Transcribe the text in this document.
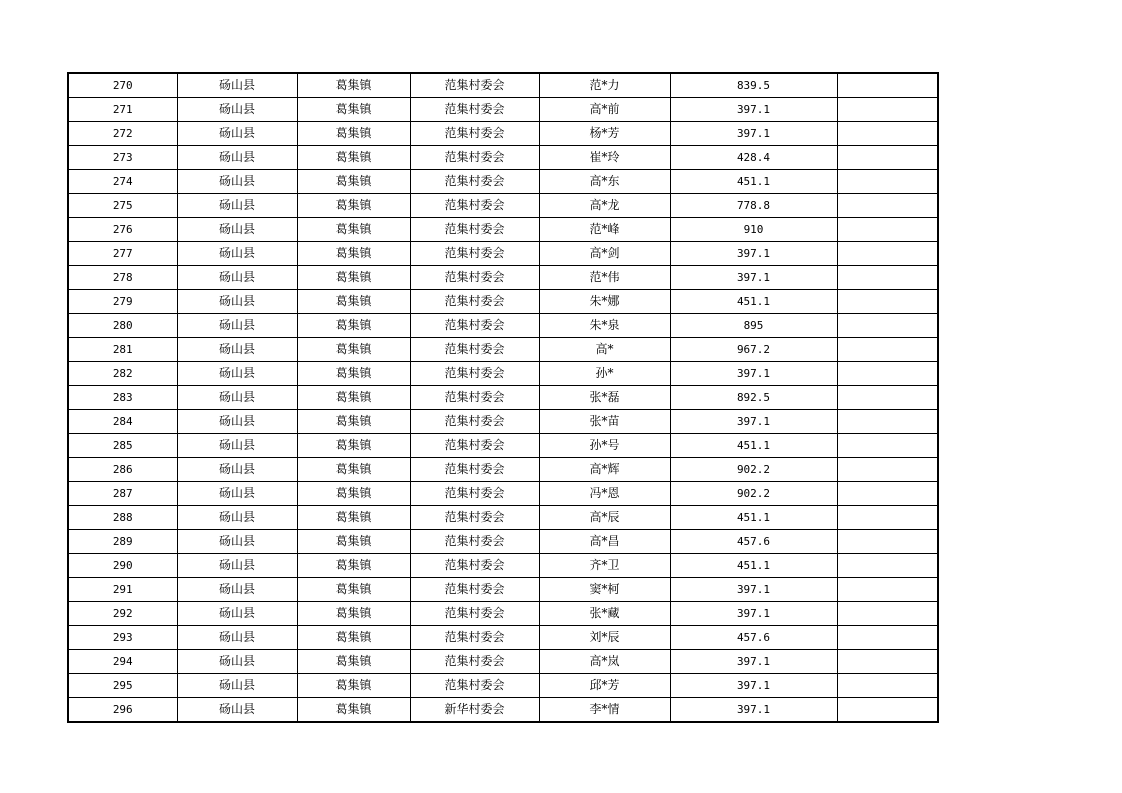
270	砀山县	葛集镇	范集村委会	范*力	839.5	
271	砀山县	葛集镇	范集村委会	高*前	397.1	
272	砀山县	葛集镇	范集村委会	杨*芳	397.1	
273	砀山县	葛集镇	范集村委会	崔*玲	428.4	
274	砀山县	葛集镇	范集村委会	高*东	451.1	
275	砀山县	葛集镇	范集村委会	高*龙	778.8	
276	砀山县	葛集镇	范集村委会	范*峰	910	
277	砀山县	葛集镇	范集村委会	高*剑	397.1	
278	砀山县	葛集镇	范集村委会	范*伟	397.1	
279	砀山县	葛集镇	范集村委会	朱*娜	451.1	
280	砀山县	葛集镇	范集村委会	朱*泉	895	
281	砀山县	葛集镇	范集村委会	高*	967.2	
282	砀山县	葛集镇	范集村委会	孙*	397.1	
283	砀山县	葛集镇	范集村委会	张*磊	892.5	
284	砀山县	葛集镇	范集村委会	张*苗	397.1	
285	砀山县	葛集镇	范集村委会	孙*号	451.1	
286	砀山县	葛集镇	范集村委会	高*辉	902.2	
287	砀山县	葛集镇	范集村委会	冯*恩	902.2	
288	砀山县	葛集镇	范集村委会	高*辰	451.1	
289	砀山县	葛集镇	范集村委会	高*昌	457.6	
290	砀山县	葛集镇	范集村委会	齐*卫	451.1	
291	砀山县	葛集镇	范集村委会	窦*柯	397.1	
292	砀山县	葛集镇	范集村委会	张*藏	397.1	
293	砀山县	葛集镇	范集村委会	刘*辰	457.6	
294	砀山县	葛集镇	范集村委会	高*岚	397.1	
295	砀山县	葛集镇	范集村委会	邱*芳	397.1	
296	砀山县	葛集镇	新华村委会	李*情	397.1	
